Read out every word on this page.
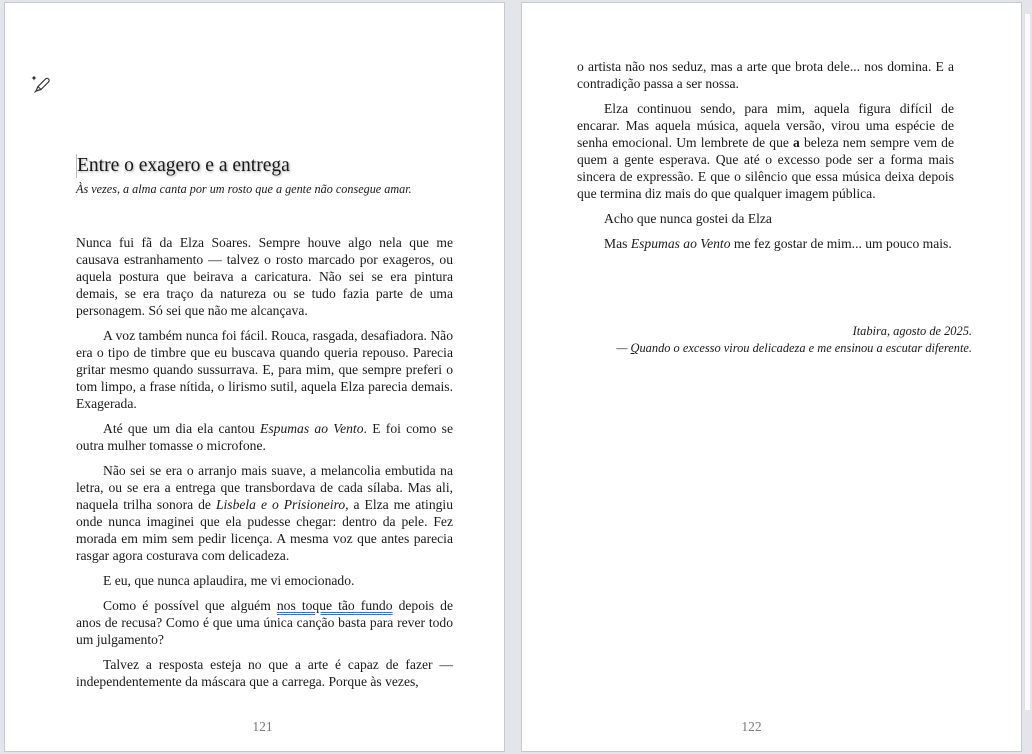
Entre o exagero e a entrega
Às vezes, a alma canta por um rosto que a gente não consegue amar.

Nunca fui fã da Elza Soares. Sempre houve algo nela que me causava estranhamento — talvez o rosto marcado por exageros, ou aquela postura que beirava a caricatura. Não sei se era pintura demais, se era traço da natureza ou se tudo fazia parte de uma personagem. Só sei que não me alcançava.

A voz também nunca foi fácil. Rouca, rasgada, desafiadora. Não era o tipo de timbre que eu buscava quando queria repouso. Parecia gritar mesmo quando sussurrava. E, para mim, que sempre preferi o tom limpo, a frase nítida, o lirismo sutil, aquela Elza parecia demais. Exagerada.

Até que um dia ela cantou Espumas ao Vento. E foi como se outra mulher tomasse o microfone.

Não sei se era o arranjo mais suave, a melancolia embutida na letra, ou se era a entrega que transbordava de cada sílaba. Mas ali, naquela trilha sonora de Lisbela e o Prisioneiro, a Elza me atingiu onde nunca imaginei que ela pudesse chegar: dentro da pele. Fez morada em mim sem pedir licença. A mesma voz que antes parecia rasgar agora costurava com delicadeza.

E eu, que nunca aplaudira, me vi emocionado.

Como é possível que alguém nos toque tão fundo depois de anos de recusa? Como é que uma única canção basta para rever todo um julgamento?

Talvez a resposta esteja no que a arte é capaz de fazer — independentemente da máscara que a carrega. Porque às vezes,

121

o artista não nos seduz, mas a arte que brota dele... nos domina. E a contradição passa a ser nossa.

Elza continuou sendo, para mim, aquela figura difícil de encarar. Mas aquela música, aquela versão, virou uma espécie de senha emocional. Um lembrete de que a beleza nem sempre vem de quem a gente esperava. Que até o excesso pode ser a forma mais sincera de expressão. E que o silêncio que essa música deixa depois que termina diz mais do que qualquer imagem pública.

Acho que nunca gostei da Elza

Mas Espumas ao Vento me fez gostar de mim... um pouco mais.

Itabira, agosto de 2025.
— Quando o excesso virou delicadeza e me ensinou a escutar diferente.
122
